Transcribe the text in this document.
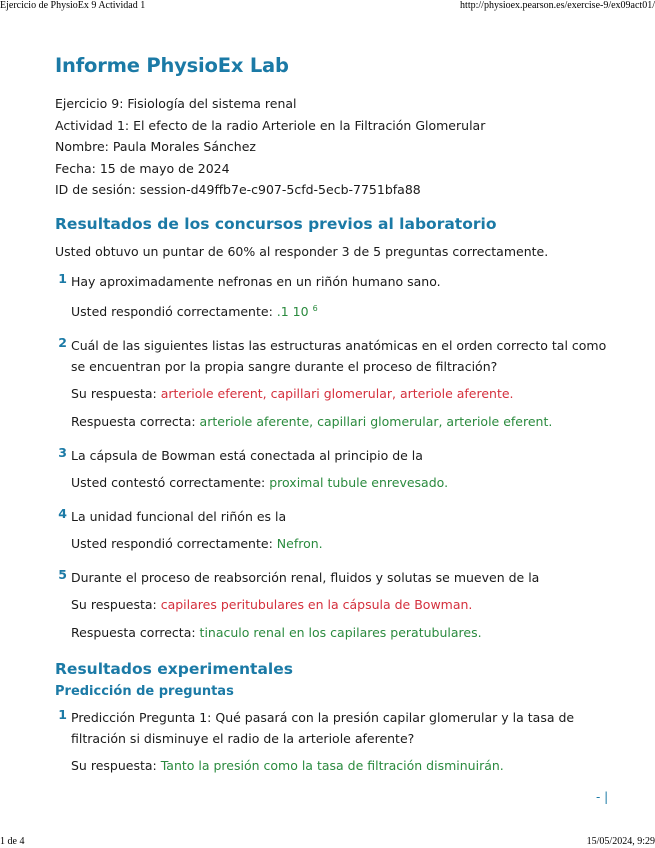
Ejercicio de PhysioEx 9 Actividad 1	http://physioex.pearson.es/exercise-9/ex09act01/
Informe PhysioEx Lab
Ejercicio 9: Fisiología del sistema renal
Actividad 1: El efecto de la radio Arteriole en la Filtración Glomerular
Nombre: Paula Morales Sánchez
Fecha: 15 de mayo de 2024
ID de sesión: session-d49ffb7e-c907-5cfd-5ecb-7751bfa88
Resultados de los concursos previos al laboratorio
Usted obtuvo un puntar de 60% al responder 3 de 5 preguntas correctamente.
1 Hay aproximadamente nefronas en un riñón humano sano.
Usted respondió correctamente: .1 10 $^6$
2 Cuál de las siguientes listas las estructuras anatómicas en el orden correcto tal como se encuentran por la propia sangre durante el proceso de filtración?
Su respuesta: arteriole eferent, capillari glomerular, arteriole aferente.
Respuesta correcta: arteriole aferente, capillari glomerular, arteriole eferent.
3 La cápsula de Bowman está conectada al principio de la
Usted contestó correctamente: proximal tubule enrevesado.
4 La unidad funcional del riñón es la
Usted respondió correctamente: Nefron.
5 Durante el proceso de reabsorción renal, fluidos y solutas se mueven de la
Su respuesta: capilares peritubulares en la cápsula de Bowman.
Respuesta correcta: tinaculo renal en los capilares peratubulares.
Resultados experimentales
Predicción de preguntas
1 Predicción Pregunta 1: Qué pasará con la presión capilar glomerular y la tasa de filtración si disminuye el radio de la arteriole aferente?
Su respuesta: Tanto la presión como la tasa de filtración disminuirán.
- |
1 de 4	15/05/2024, 9:29
